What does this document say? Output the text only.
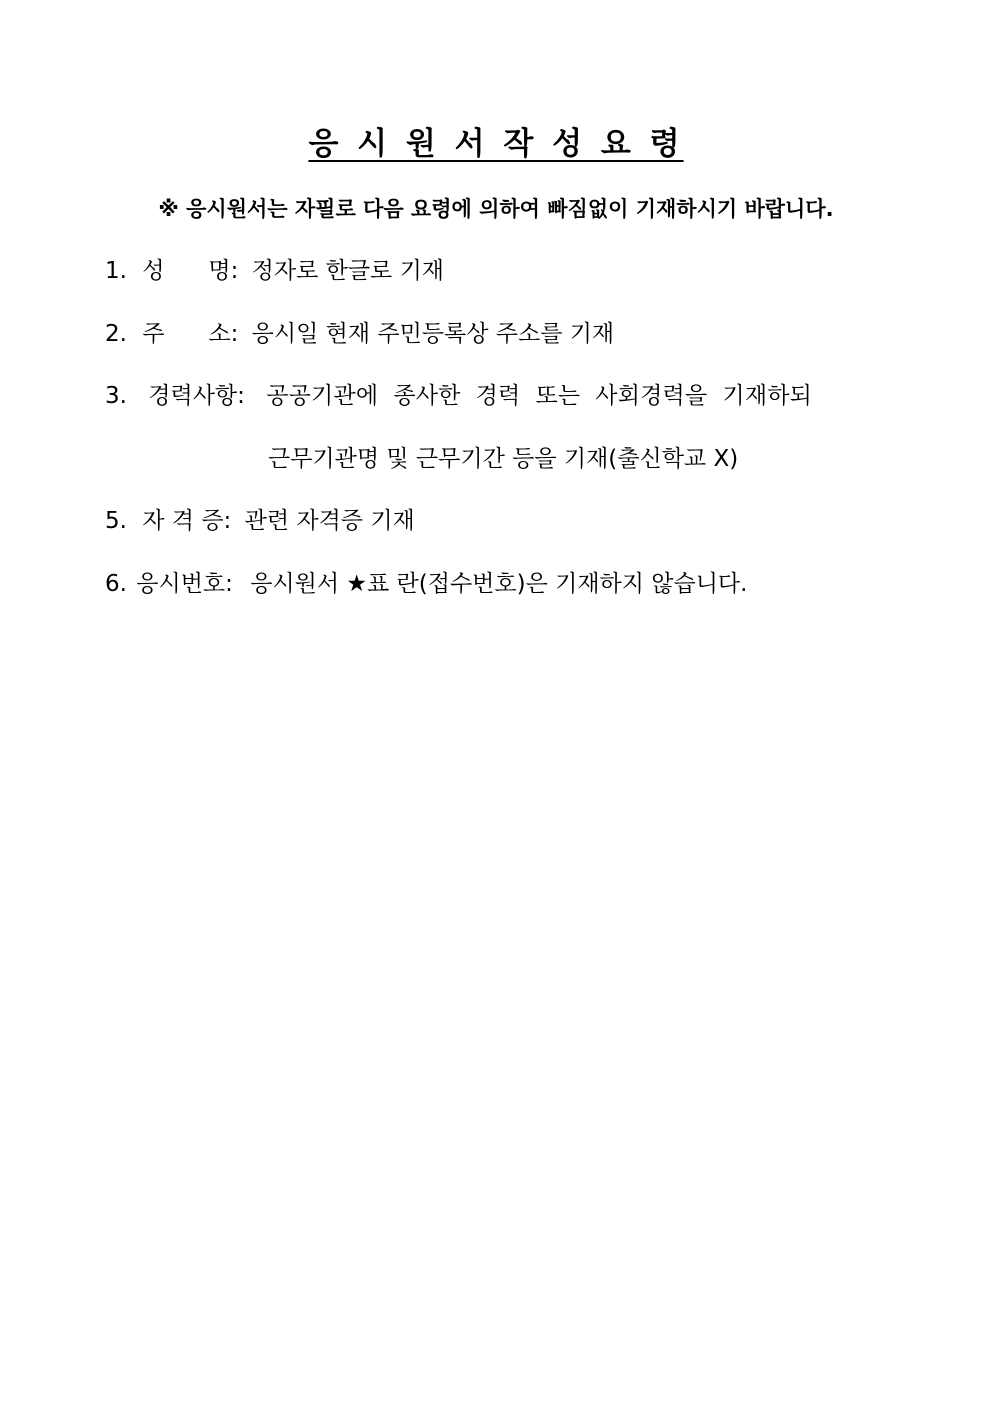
응 시 원 서 작 성 요 령

※ 응시원서는 자필로 다음 요령에 의하여 빠짐없이 기재하시기 바랍니다.

1. 성      명: 정자로 한글로 기재
2. 주      소: 응시일 현재 주민등록상 주소를 기재
3. 경력사항: 공공기관에  종사한  경력  또는  사회경력을  기재하되
근무기관명 및 근무기간 등을 기재(출신학교 X)
5. 자 격 증: 관련 자격증 기재
6. 응시번호: 응시원서 ★표 란(접수번호)은 기재하지 않습니다.
